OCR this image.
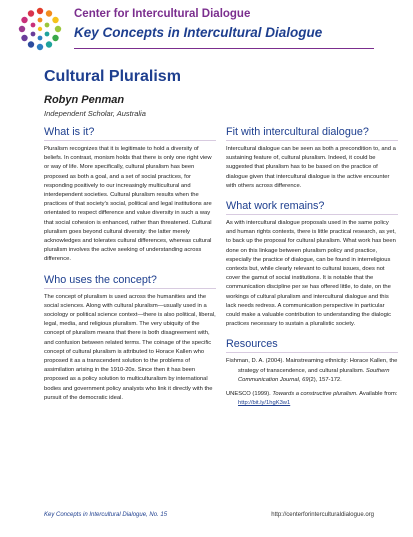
Center for Intercultural Dialogue
Key Concepts in Intercultural Dialogue
Cultural Pluralism
Robyn Penman
Independent Scholar, Australia
What is it?

Pluralism recognizes that it is legitimate to hold a diversity of beliefs. In contrast, monism holds that there is only one right view or way of life. More specifically, cultural pluralism has been proposed as both a goal, and a set of social practices, for responding positively to our increasingly multicultural and interdependent societies. Cultural pluralism results when the practices of that society's social, political and legal institutions are orientated to respect difference and value diversity in such a way that social cohesion is enhanced, rather than threatened. Cultural pluralism goes beyond cultural diversity: the latter merely acknowledges and tolerates cultural differences, whereas cultural pluralism involves the active seeking of understanding across difference.

Who uses the concept?

The concept of pluralism is used across the humanities and the social sciences. Along with cultural pluralism—usually used in a sociology or political science context—there is also political, liberal, legal, media, and religious pluralism. The very ubiquity of the concept of pluralism means that there is both disagreement with, and confusion between related terms. The coinage of the specific concept of cultural pluralism is attributed to Horace Kallen who proposed it as a transcendent solution to the problems of assimilation arising in the 1910-20s. Since then it has been proposed as a policy solution to multiculturalism by international bodies and government policy analysts who link it directly with the pursuit of the democratic ideal.

Fit with intercultural dialogue?

Intercultural dialogue can be seen as both a precondition to, and a sustaining feature of, cultural pluralism. Indeed, it could be suggested that pluralism has to be based on the practice of dialogue given that intercultural dialogue is the active encounter with others across difference.

What work remains?

As with intercultural dialogue proposals used in the same policy and human rights contexts, there is little practical research, as yet, to back up the proposal for cultural pluralism. What work has been done on this linkage between pluralism policy and practice, especially the practice of dialogue, can be found in interreligious contexts but, while clearly relevant to cultural issues, does not cover the gamut of social institutions. It is notable that the communication discipline per se has offered little, to date, on the workings of cultural pluralism and intercultural dialogue and this lack needs redress. A communication perspective in particular could make a valuable contribution to understanding the dialogic practices necessary to sustain a pluralistic society.

Resources
Fishman, D. A. (2004). Mainstreaming ethnicity: Horace Kallen, the strategy of transcendence, and cultural pluralism. Southern Communication Journal, 69(2), 157-172.
UNESCO (1999). Towards a constructive pluralism. Available from: http://bit.ly/1hgK3w1
Key Concepts in Intercultural Dialogue, No. 15	http://centerforinterculturaldialogue.org
